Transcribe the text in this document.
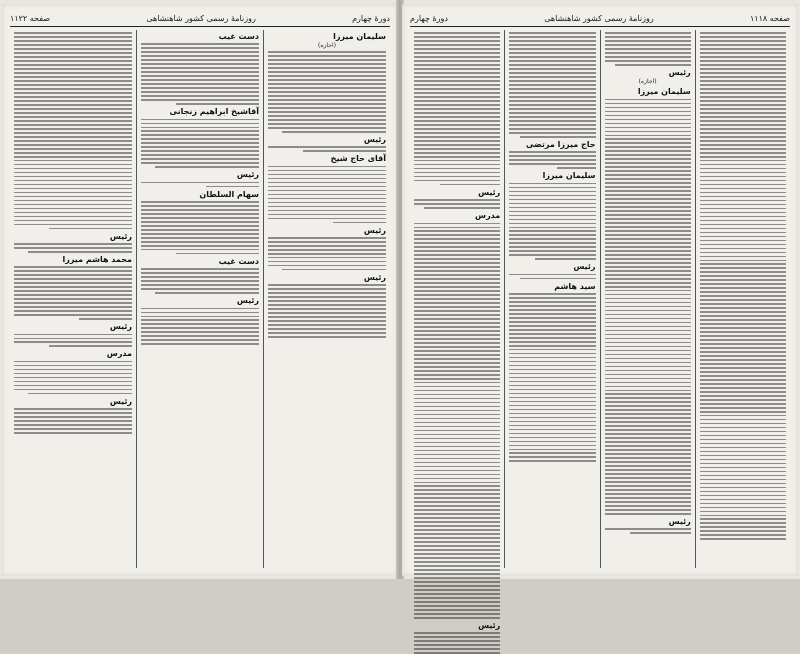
دورهٔ چهارم
روزنامهٔ رسمی کشور شاهنشاهی
صفحه ۱۱۲۲
سلیمان میرزا
(اجازه)
رئیس
آقای حاج شیخ
رئیس
رئیس
دست غیب
آقاشیخ ابراهیم زنجانی
رئیس
سهام السلطان
دست غیب
رئیس
رئیس
محمد هاشم میرزا
رئیس
مدرس
رئیس
صفحه ۱۱۱۸
روزنامهٔ رسمی کشور شاهنشاهی
دورهٔ چهارم
رئیس
(اجازه)
سلیمان میرزا
رئیس
حاج میرزا مرتضی
سلیمان میرزا
رئیس
سید هاشم
رئیس
مدرس
رئیس
